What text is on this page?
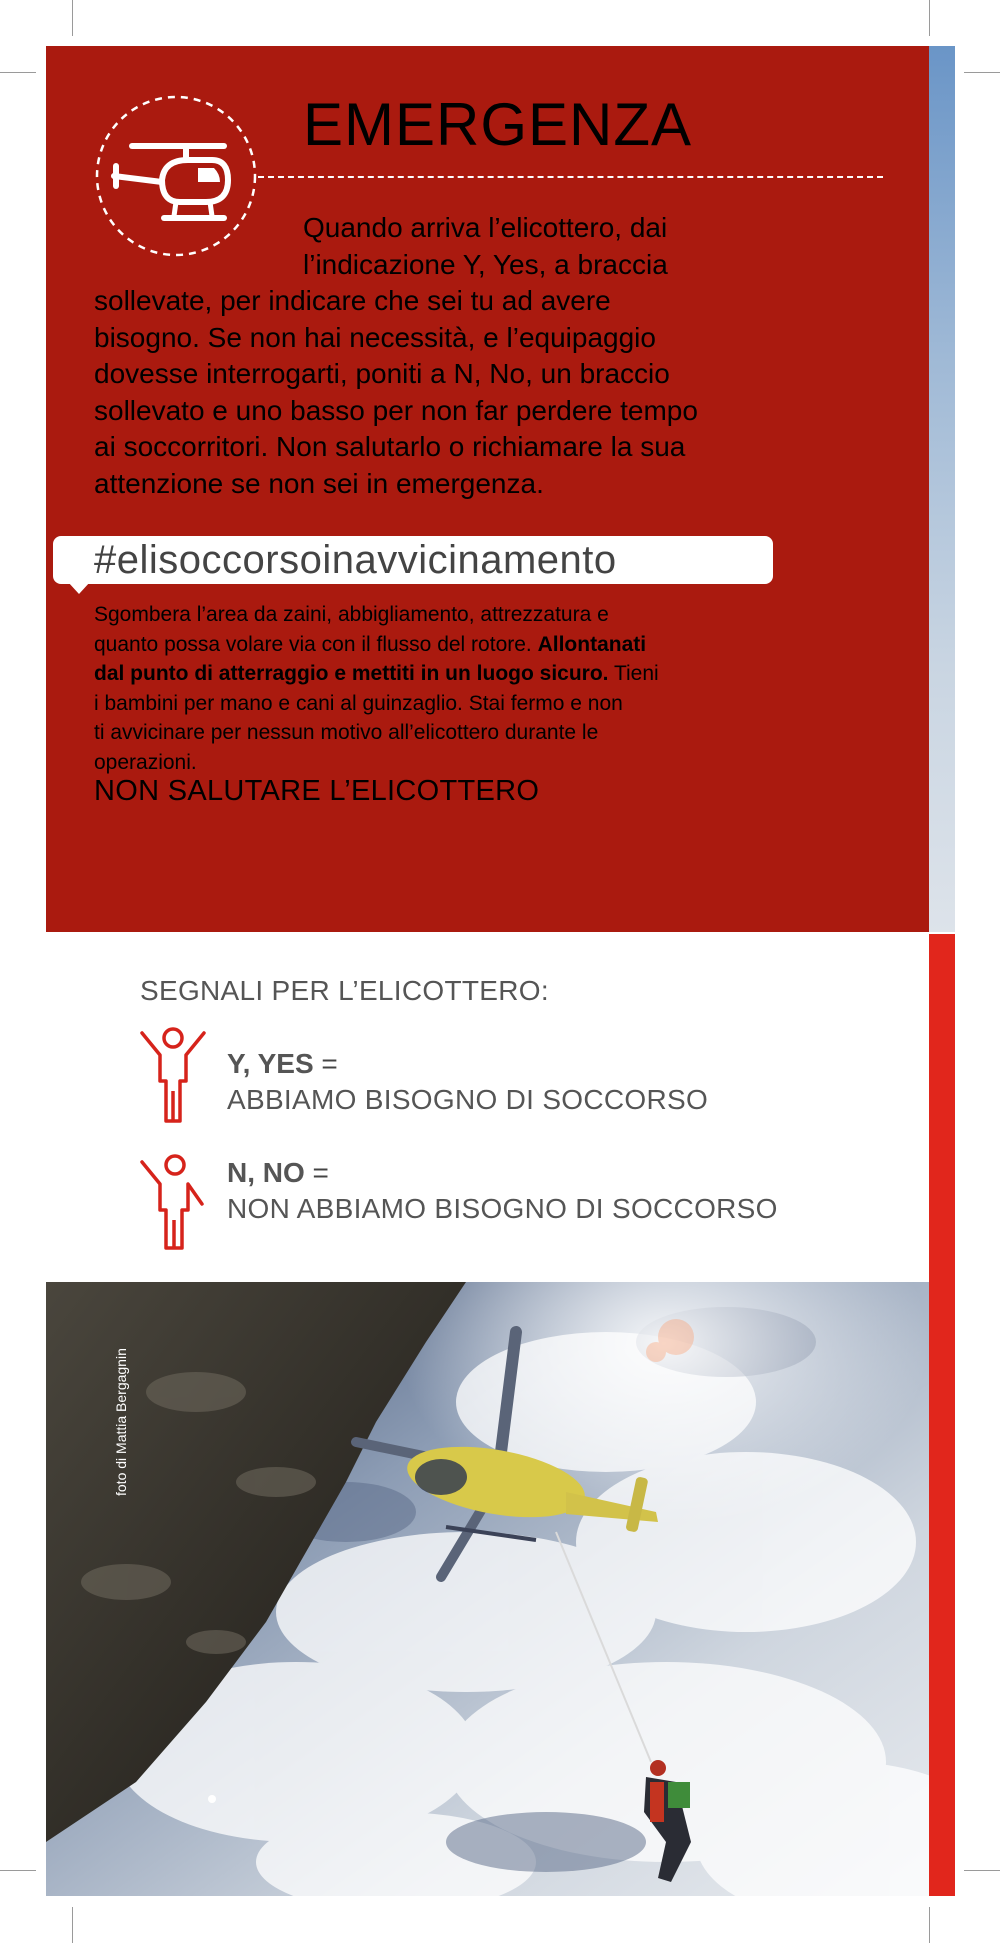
EMERGENZA
Quando arriva l’elicottero, dai
l’indicazione Y, Yes, a braccia
sollevate, per indicare che sei tu ad avere
bisogno. Se non hai necessità, e l’equipaggio
dovesse interrogarti, poniti a N, No, un braccio
sollevato e uno basso per non far perdere tempo
ai soccorritori. Non salutarlo o richiamare la sua
attenzione se non sei in emergenza.
#elisoccorsoinavvicinamento
Sgombera l’area da zaini, abbigliamento, attrezzatura e
quanto possa volare via con il flusso del rotore. Allontanati
dal punto di atterraggio e mettiti in un luogo sicuro. Tieni
i bambini per mano e cani al guinzaglio. Stai fermo e non
ti avvicinare per nessun motivo all’elicottero durante le
operazioni.
NON SALUTARE L’ELICOTTERO
SEGNALI PER L’ELICOTTERO:
Y, YES =
ABBIAMO BISOGNO DI SOCCORSO
N, NO =
NON ABBIAMO BISOGNO DI SOCCORSO
foto di Mattia Bergagnin
